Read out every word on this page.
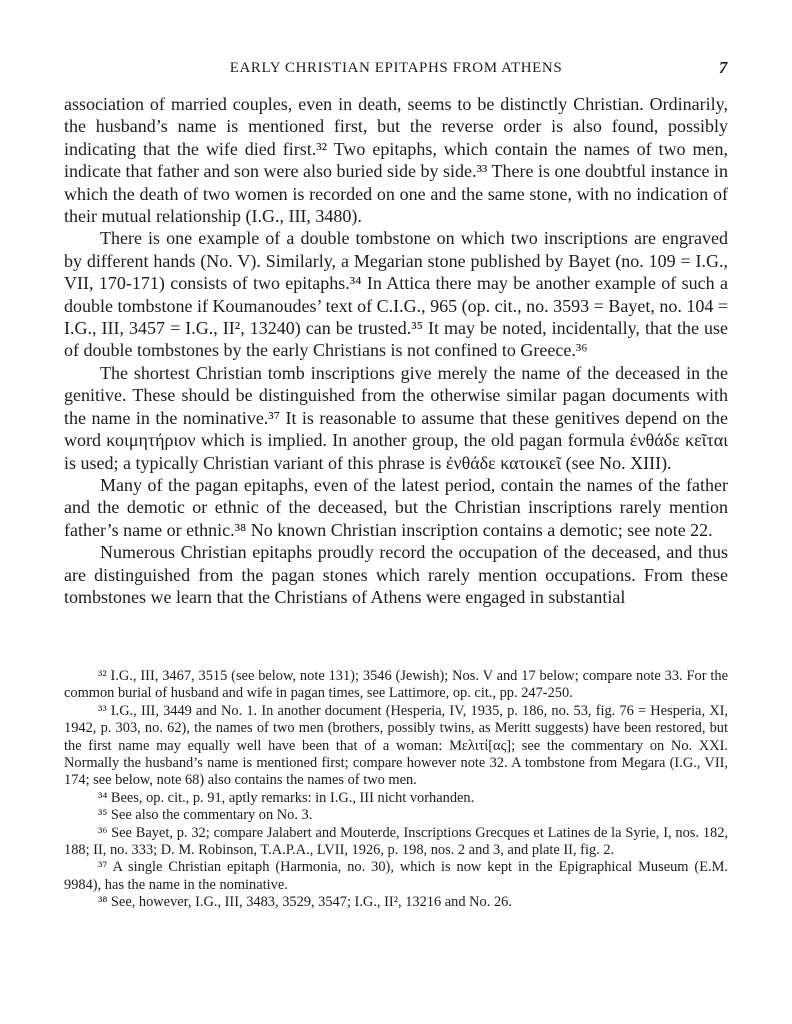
EARLY CHRISTIAN EPITAPHS FROM ATHENS	7

association of married couples, even in death, seems to be distinctly Christian. Ordinarily, the husband’s name is mentioned first, but the reverse order is also found, possibly indicating that the wife died first.³² Two epitaphs, which contain the names of two men, indicate that father and son were also buried side by side.³³ There is one doubtful instance in which the death of two women is recorded on one and the same stone, with no indication of their mutual relationship (I.G., III, 3480).

There is one example of a double tombstone on which two inscriptions are engraved by different hands (No. V). Similarly, a Megarian stone published by Bayet (no. 109 = I.G., VII, 170-171) consists of two epitaphs.³⁴ In Attica there may be another example of such a double tombstone if Koumanoudes’ text of C.I.G., 965 (op. cit., no. 3593 = Bayet, no. 104 = I.G., III, 3457 = I.G., II², 13240) can be trusted.³⁵ It may be noted, incidentally, that the use of double tombstones by the early Christians is not confined to Greece.³⁶

The shortest Christian tomb inscriptions give merely the name of the deceased in the genitive. These should be distinguished from the otherwise similar pagan documents with the name in the nominative.³⁷ It is reasonable to assume that these genitives depend on the word κοιμητήριον which is implied. In another group, the old pagan formula ἐνθάδε κεῖται is used; a typically Christian variant of this phrase is ἐνθάδε κατοικεῖ (see No. XIII).

Many of the pagan epitaphs, even of the latest period, contain the names of the father and the demotic or ethnic of the deceased, but the Christian inscriptions rarely mention father’s name or ethnic.³⁸ No known Christian inscription contains a demotic; see note 22.

Numerous Christian epitaphs proudly record the occupation of the deceased, and thus are distinguished from the pagan stones which rarely mention occupations. From these tombstones we learn that the Christians of Athens were engaged in substantial

³² I.G., III, 3467, 3515 (see below, note 131); 3546 (Jewish); Nos. V and 17 below; compare note 33. For the common burial of husband and wife in pagan times, see Lattimore, op. cit., pp. 247-250.

³³ I.G., III, 3449 and No. 1. In another document (Hesperia, IV, 1935, p. 186, no. 53, fig. 76 = Hesperia, XI, 1942, p. 303, no. 62), the names of two men (brothers, possibly twins, as Meritt suggests) have been restored, but the first name may equally well have been that of a woman: Μελιτί[ας]; see the commentary on No. XXI. Normally the husband’s name is mentioned first; compare however note 32. A tombstone from Megara (I.G., VII, 174; see below, note 68) also contains the names of two men.

³⁴ Bees, op. cit., p. 91, aptly remarks: in I.G., III nicht vorhanden.

³⁵ See also the commentary on No. 3.

³⁶ See Bayet, p. 32; compare Jalabert and Mouterde, Inscriptions Grecques et Latines de la Syrie, I, nos. 182, 188; II, no. 333; D. M. Robinson, T.A.P.A., LVII, 1926, p. 198, nos. 2 and 3, and plate II, fig. 2.

³⁷ A single Christian epitaph (Harmonia, no. 30), which is now kept in the Epigraphical Museum (E.M. 9984), has the name in the nominative.

³⁸ See, however, I.G., III, 3483, 3529, 3547; I.G., II², 13216 and No. 26.
